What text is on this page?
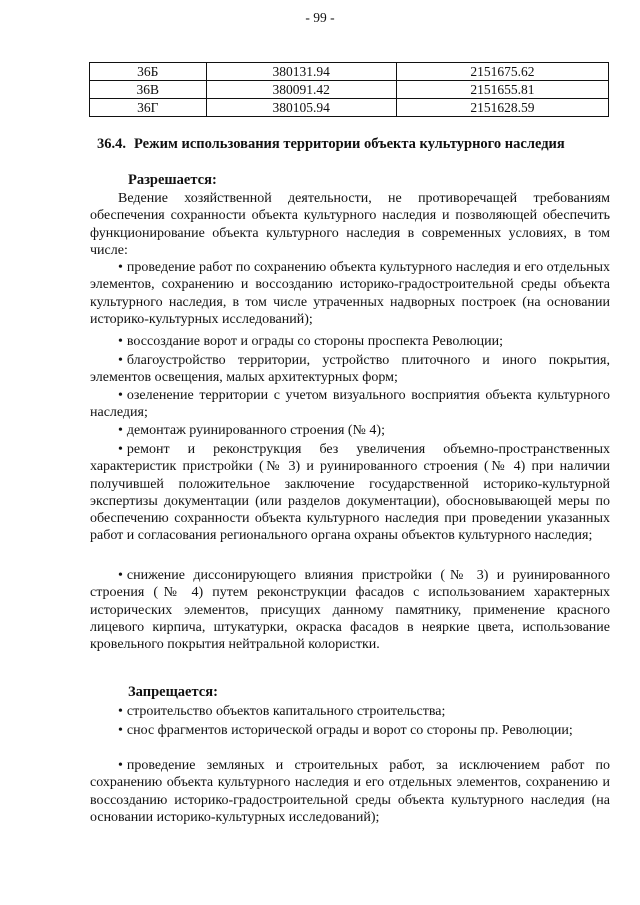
- 99 -
36Б	380131.94	2151675.62
36В	380091.42	2151655.81
36Г	380105.94	2151628.59
36.4. Режим использования территории объекта культурного наследия
Разрешается:
Ведение хозяйственной деятельности, не противоречащей требованиям обеспечения сохранности объекта культурного наследия и позволяющей обеспечить функционирование объекта культурного наследия в современных условиях, в том числе:
• проведение работ по сохранению объекта культурного наследия и его отдельных элементов, сохранению и воссозданию историко-градостроительной среды объекта культурного наследия, в том числе утраченных надворных построек (на основании историко-культурных исследований);
• воссоздание ворот и ограды со стороны проспекта Революции;
• благоустройство территории, устройство плиточного и иного покрытия, элементов освещения, малых архитектурных форм;
• озеленение территории с учетом визуального восприятия объекта культурного наследия;
• демонтаж руинированного строения (№ 4);
• ремонт и реконструкция без увеличения объемно-пространственных характеристик пристройки (№ 3) и руинированного строения (№ 4) при наличии получившей положительное заключение государственной историко-культурной экспертизы документации (или разделов документации), обосновывающей меры по обеспечению сохранности объекта культурного наследия при проведении указанных работ и согласования регионального органа охраны объектов культурного наследия;
• снижение диссонирующего влияния пристройки (№ 3) и руинированного строения (№ 4) путем реконструкции фасадов с использованием характерных исторических элементов, присущих данному памятнику, применение красного лицевого кирпича, штукатурки, окраска фасадов в неяркие цвета, использование кровельного покрытия нейтральной колористки.
Запрещается:
• строительство объектов капитального строительства;
• снос фрагментов исторической ограды и ворот со стороны пр. Революции;
• проведение земляных и строительных работ, за исключением работ по сохранению объекта культурного наследия и его отдельных элементов, сохранению и воссозданию историко-градостроительной среды объекта культурного наследия (на основании историко-культурных исследований);
